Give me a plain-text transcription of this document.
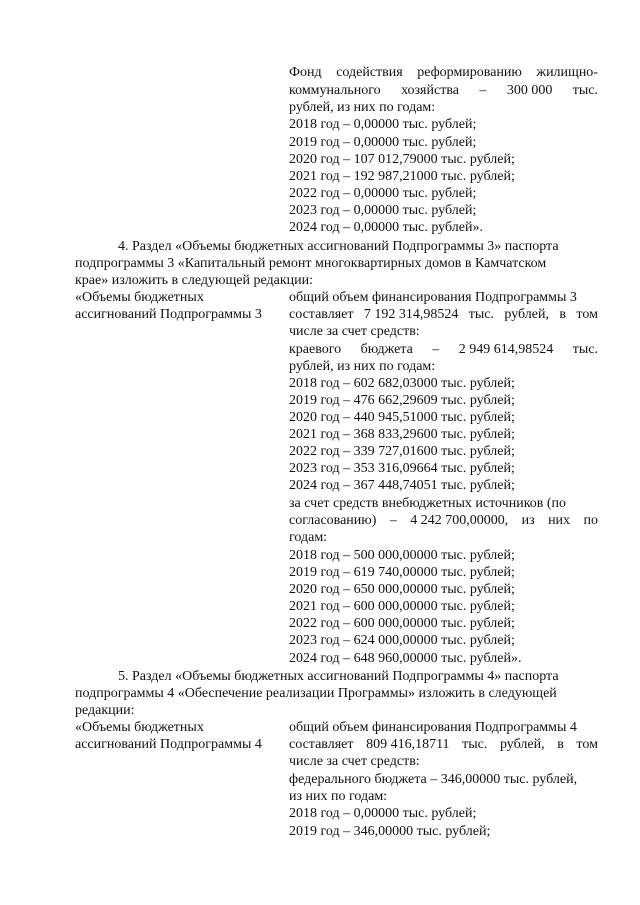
Фонд содействия реформированию жилищно-
коммунального хозяйства – 300 000 тыс.
рублей, из них по годам:
2018 год – 0,00000 тыс. рублей;
2019 год – 0,00000 тыс. рублей;
2020 год – 107 012,79000 тыс. рублей;
2021 год – 192 987,21000 тыс. рублей;
2022 год – 0,00000 тыс. рублей;
2023 год – 0,00000 тыс. рублей;
2024 год – 0,00000 тыс. рублей».
4. Раздел «Объемы бюджетных ассигнований Подпрограммы 3» паспорта
подпрограммы 3 «Капитальный ремонт многоквартирных домов в Камчатском
крае» изложить в следующей редакции:
«Объемы бюджетных
ассигнований Подпрограммы 3
общий объем финансирования Подпрограммы 3
составляет 7 192 314,98524 тыс. рублей, в том
числе за счет средств:
краевого бюджета – 2 949 614,98524 тыс.
рублей, из них по годам:
2018 год – 602 682,03000 тыс. рублей;
2019 год – 476 662,29609 тыс. рублей;
2020 год – 440 945,51000 тыс. рублей;
2021 год – 368 833,29600 тыс. рублей;
2022 год – 339 727,01600 тыс. рублей;
2023 год – 353 316,09664 тыс. рублей;
2024 год – 367 448,74051 тыс. рублей;
за счет средств внебюджетных источников (по
согласованию) – 4 242 700,00000, из них по
годам:
2018 год – 500 000,00000 тыс. рублей;
2019 год – 619 740,00000 тыс. рублей;
2020 год – 650 000,00000 тыс. рублей;
2021 год – 600 000,00000 тыс. рублей;
2022 год – 600 000,00000 тыс. рублей;
2023 год – 624 000,00000 тыс. рублей;
2024 год – 648 960,00000 тыс. рублей».
5. Раздел «Объемы бюджетных ассигнований Подпрограммы 4» паспорта
подпрограммы 4 «Обеспечение реализации Программы» изложить в следующей
редакции:
«Объемы бюджетных
ассигнований Подпрограммы 4
общий объем финансирования Подпрограммы 4
составляет 809 416,18711 тыс. рублей, в том
числе за счет средств:
федерального бюджета – 346,00000 тыс. рублей,
из них по годам:
2018 год – 0,00000 тыс. рублей;
2019 год – 346,00000 тыс. рублей;
